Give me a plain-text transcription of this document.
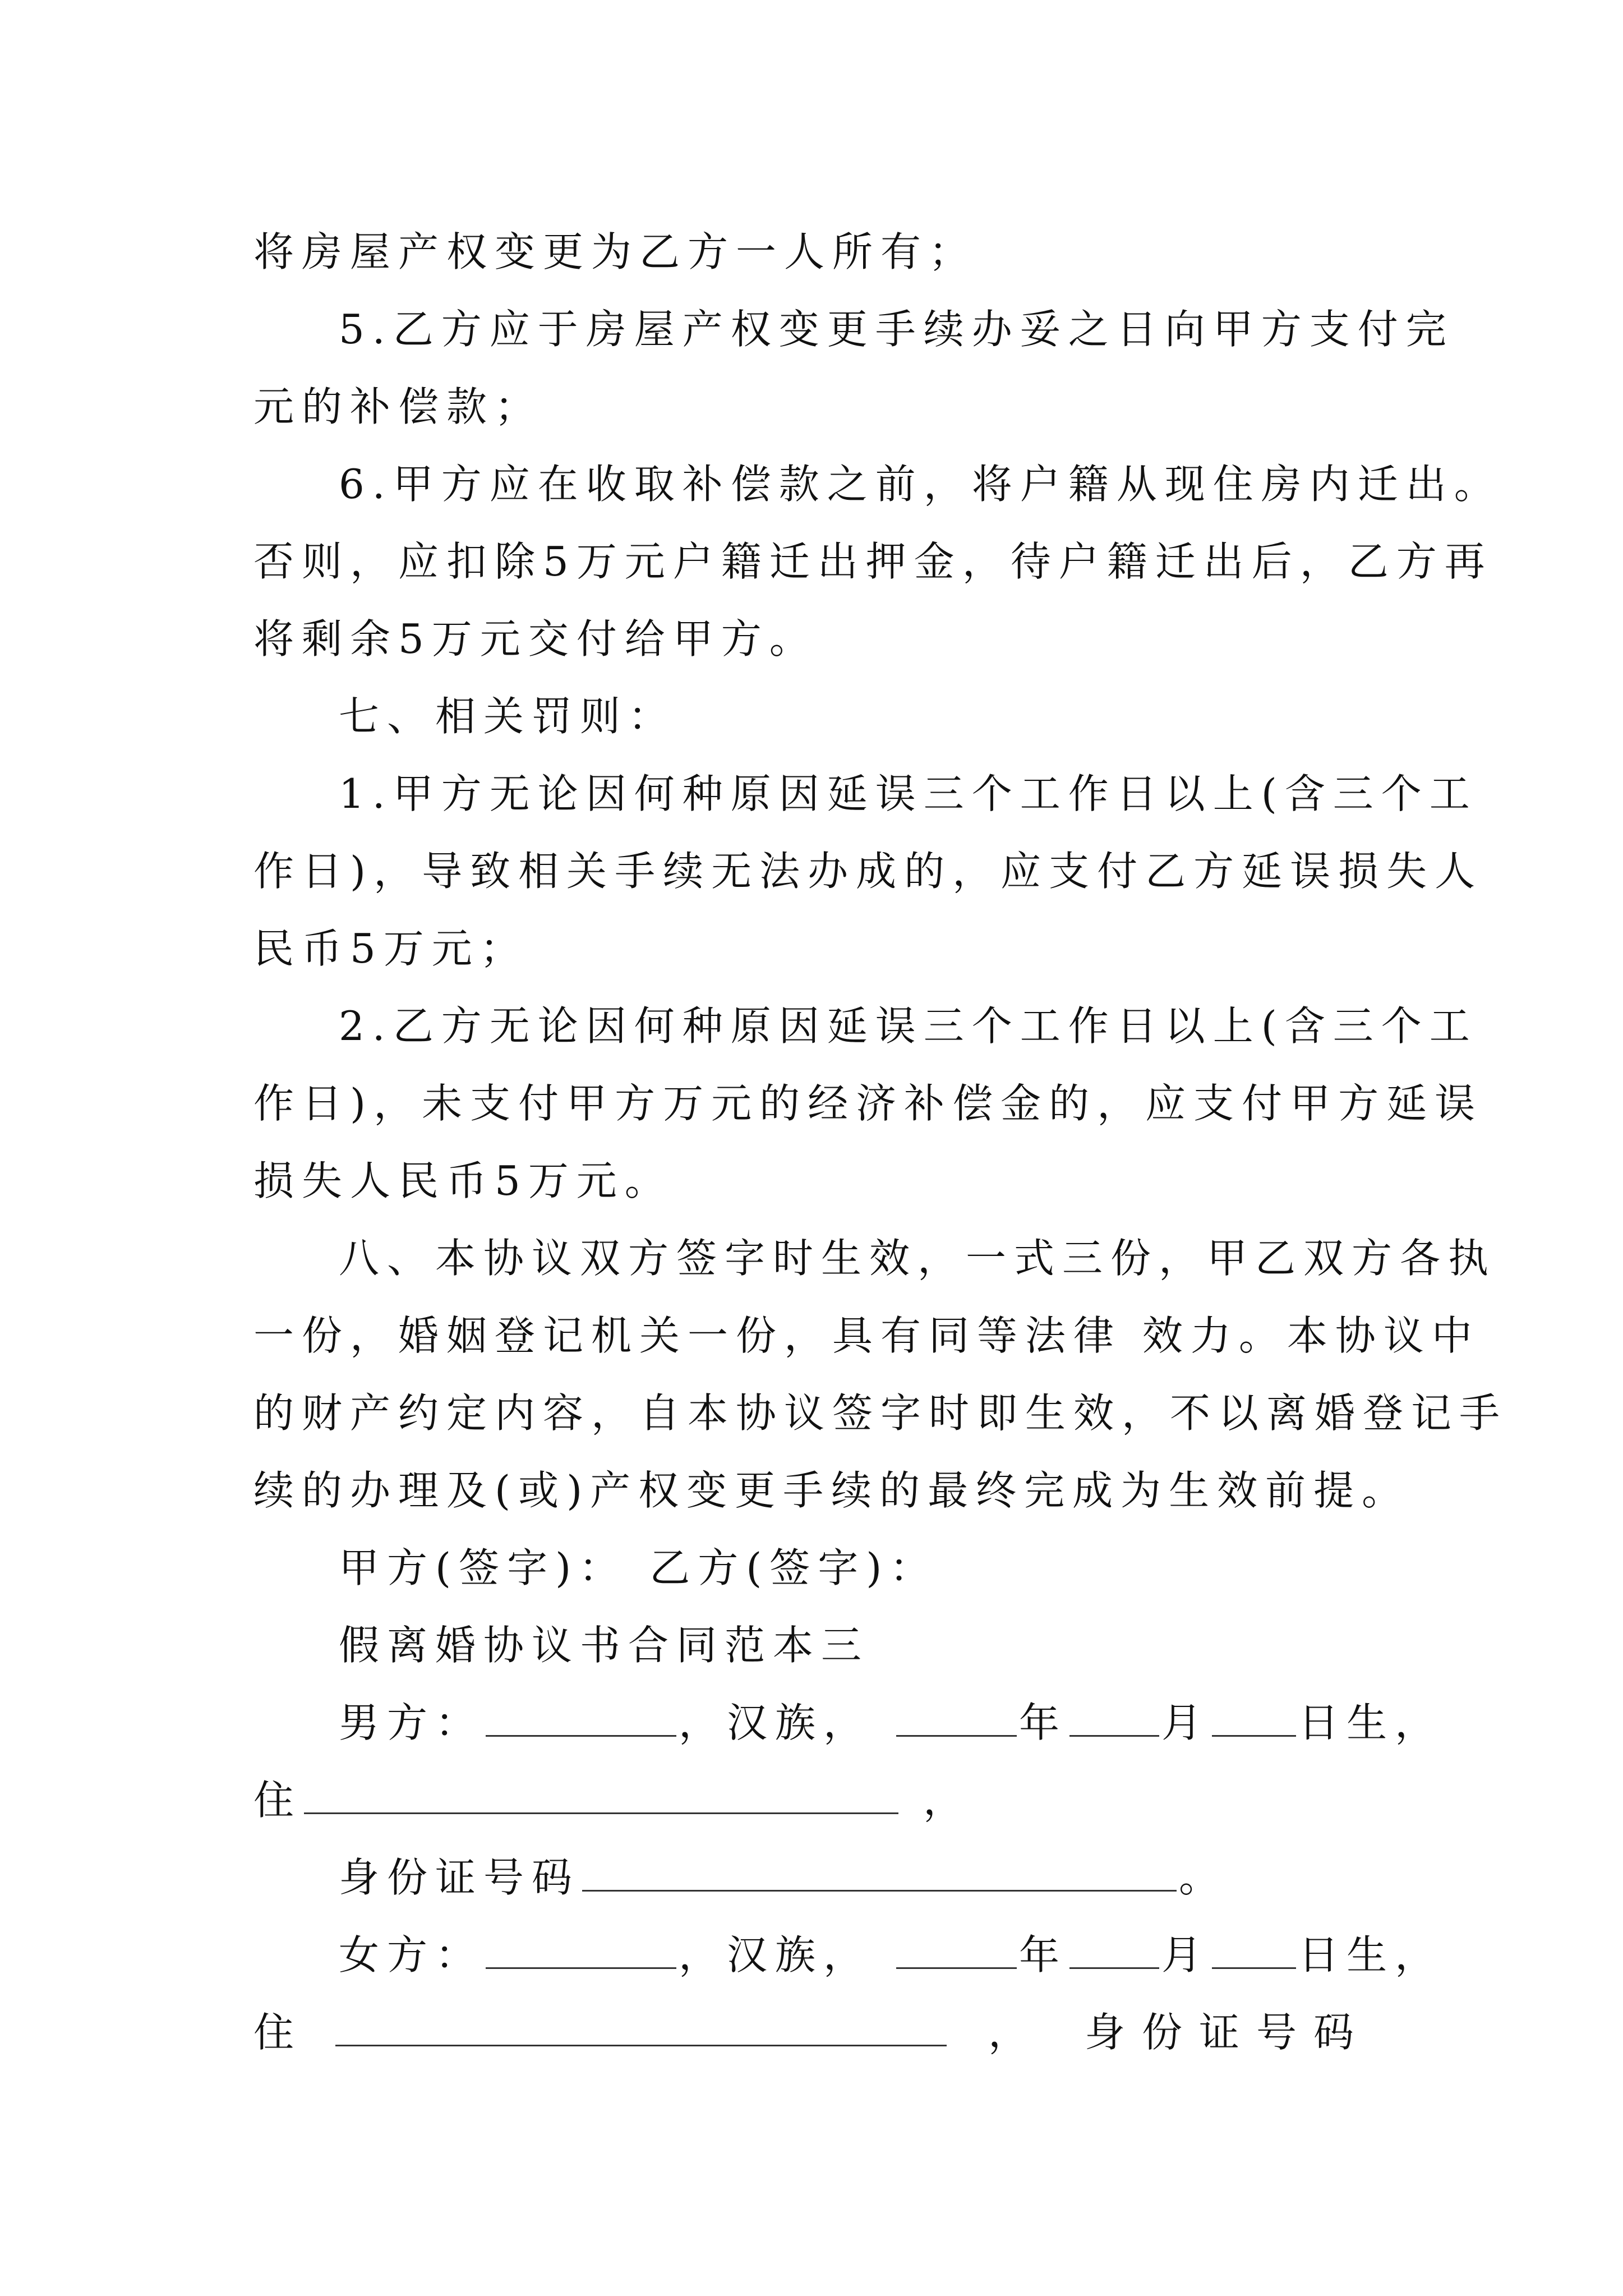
将房屋产权变更为乙方一人所有；
5.乙方应于房屋产权变更手续办妥之日向甲方支付完
元的补偿款；
6.甲方应在收取补偿款之前，将户籍从现住房内迁出。
否则，应扣除5万元户籍迁出押金，待户籍迁出后，乙方再
将剩余5万元交付给甲方。
七、相关罚则：
1.甲方无论因何种原因延误三个工作日以上(含三个工
作日)，导致相关手续无法办成的，应支付乙方延误损失人
民币5万元；
2.乙方无论因何种原因延误三个工作日以上(含三个工
作日)，未支付甲方万元的经济补偿金的，应支付甲方延误
损失人民币5万元。
八、本协议双方签字时生效，一式三份，甲乙双方各执
一份，婚姻登记机关一份，具有同等法律 效力。本协议中
的财产约定内容，自本协议签字时即生效，不以离婚登记手
续的办理及(或)产权变更手续的最终完成为生效前提。
甲方(签字)： 乙方(签字)：
假离婚协议书合同范本三
男方：	，汉族，	年 月 日生，
住	，
身份证号码	。
女方：	，汉族，	年 月 日生，
住	， 身份证号码
